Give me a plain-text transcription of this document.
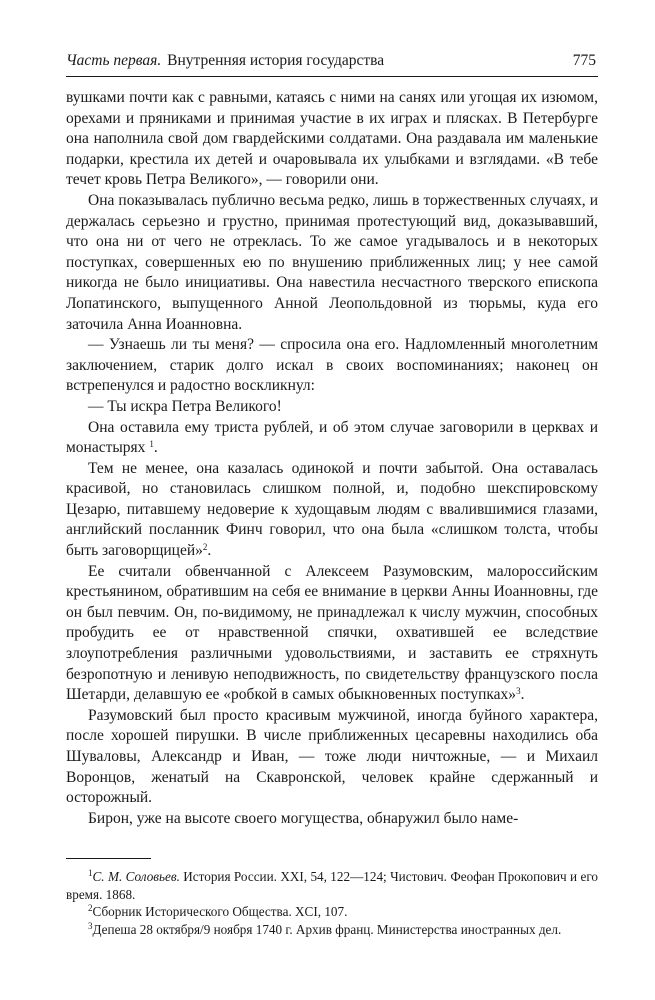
Часть первая. Внутренняя история государства	775

вушками почти как с равными, катаясь с ними на санях или угощая их изюмом, орехами и пряниками и принимая участие в их играх и плясках. В Петербурге она наполнила свой дом гвардейскими солдатами. Она раздавала им маленькие подарки, крестила их детей и очаровывала их улыбками и взглядами. «В тебе течет кровь Петра Великого», — говорили они.

Она показывалась публично весьма редко, лишь в торжественных случаях, и держалась серьезно и грустно, принимая протестующий вид, доказывавший, что она ни от чего не отреклась. То же самое угадывалось и в некоторых поступках, совершенных ею по внушению приближенных лиц; у нее самой никогда не было инициативы. Она навестила несчастного тверского епископа Лопатинского, выпущенного Анной Леопольдовной из тюрьмы, куда его заточила Анна Иоанновна.

— Узнаешь ли ты меня? — спросила она его. Надломленный многолетним заключением, старик долго искал в своих воспоминаниях; наконец он встрепенулся и радостно воскликнул:

— Ты искра Петра Великого!

Она оставила ему триста рублей, и об этом случае заговорили в церквах и монастырях $^1$.

Тем не менее, она казалась одинокой и почти забытой. Она оставалась красивой, но становилась слишком полной, и, подобно шекспировскому Цезарю, питавшему недоверие к худощавым людям с ввалившимися глазами, английский посланник Финч говорил, что она была «слишком толста, чтобы быть заговорщицей»$^2$.

Ее считали обвенчанной с Алексеем Разумовским, малороссийским крестьянином, обратившим на себя ее внимание в церкви Анны Иоанновны, где он был певчим. Он, по-видимому, не принадлежал к числу мужчин, способных пробудить ее от нравственной спячки, охватившей ее вследствие злоупотребления различными удовольствиями, и заставить ее стряхнуть безропотную и ленивую неподвижность, по свидетельству французского посла Шетарди, делавшую ее «робкой в самых обыкновенных поступках»$^3$.

Разумовский был просто красивым мужчиной, иногда буйного характера, после хорошей пирушки. В числе приближенных цесаревны находились оба Шуваловы, Александр и Иван, — тоже люди ничтожные, — и Михаил Воронцов, женатый на Скавронской, человек крайне сдержанный и осторожный.

Бирон, уже на высоте своего могущества, обнаружил было наме-

$^1$С. М. Соловьев. История России. XXI, 54, 122—124; Чистович. Феофан Прокопович и его время. 1868.

$^2$Сборник Исторического Общества. XCI, 107.

$^3$Депеша 28 октября/9 ноября 1740 г. Архив франц. Министерства иностранных дел.
